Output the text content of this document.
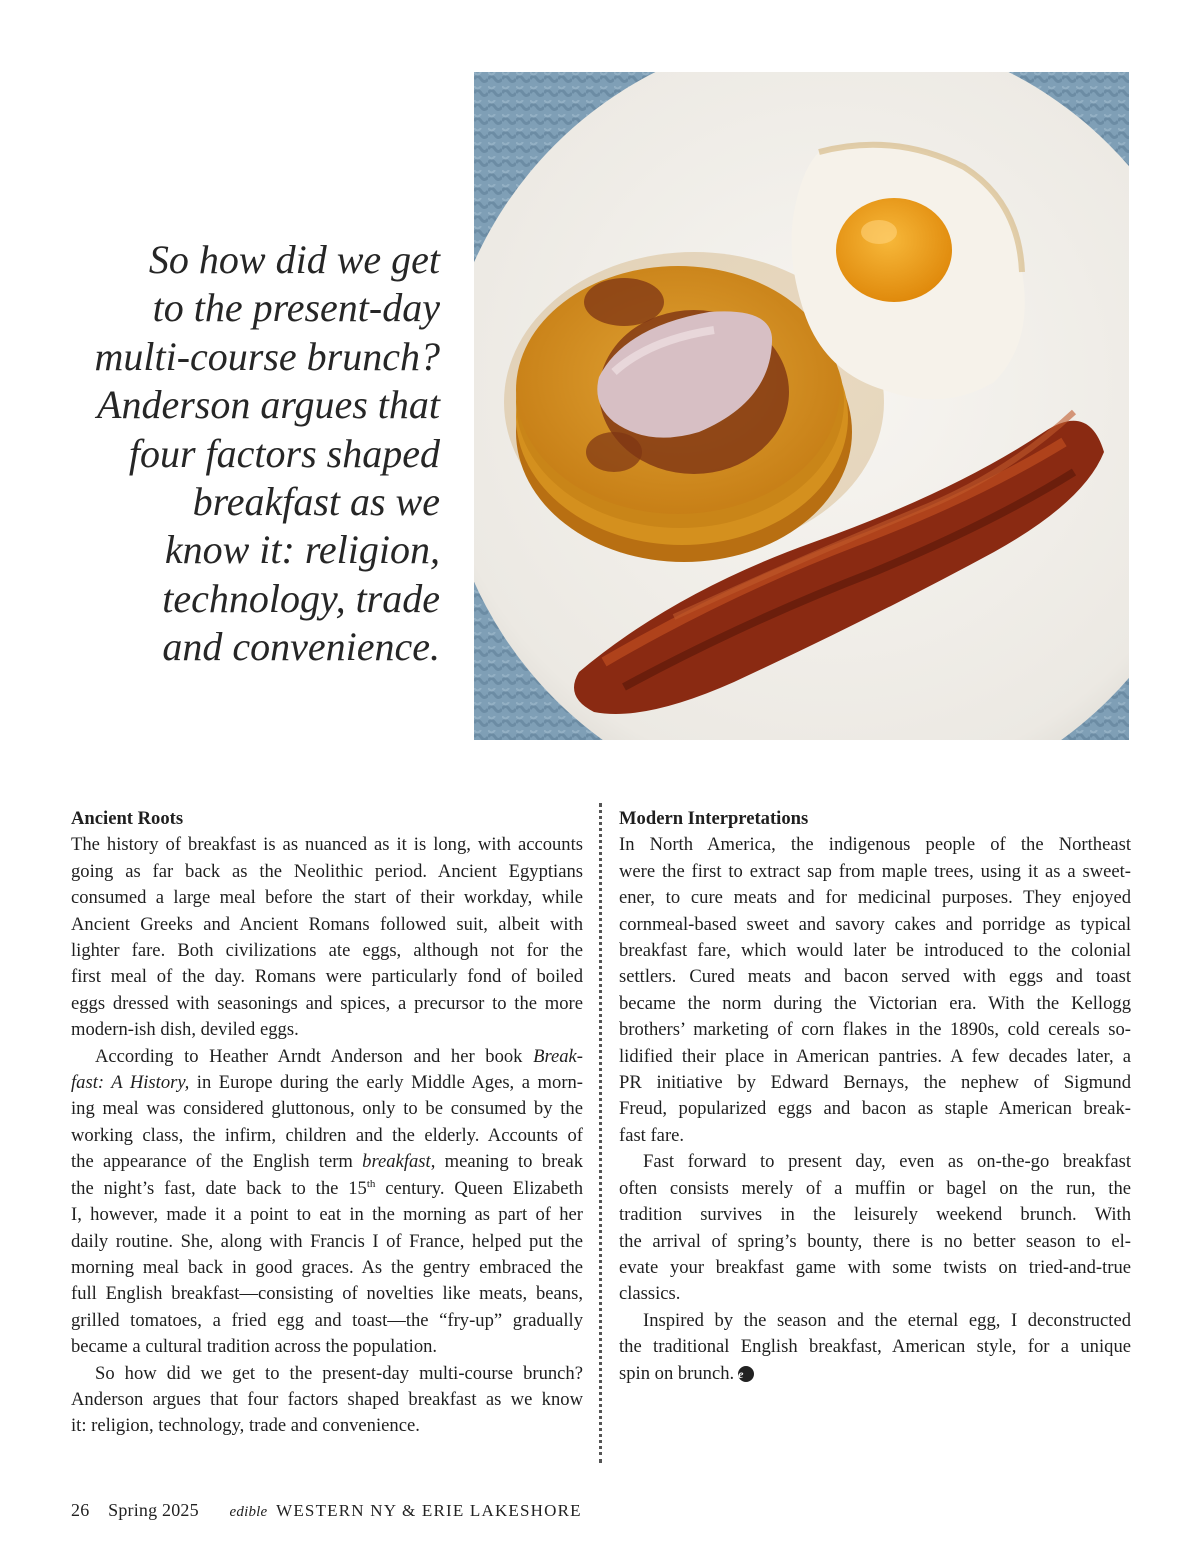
So how did we get
to the present-day
multi-course brunch?
Anderson argues that
four factors shaped
breakfast as we
know it: religion,
technology, trade
and convenience.
Ancient Roots
The history of breakfast is as nuanced as it is long, with accounts
going as far back as the Neolithic period. Ancient Egyptians
consumed a large meal before the start of their workday, while
Ancient Greeks and Ancient Romans followed suit, albeit with
lighter fare. Both civilizations ate eggs, although not for the
first meal of the day. Romans were particularly fond of boiled
eggs dressed with seasonings and spices, a precursor to the more
modern-ish dish, deviled eggs.
According to Heather Arndt Anderson and her book Break-
fast: A History, in Europe during the early Middle Ages, a morn-
ing meal was considered gluttonous, only to be consumed by the
working class, the infirm, children and the elderly. Accounts of
the appearance of the English term breakfast, meaning to break
the night’s fast, date back to the 15th century. Queen Elizabeth
I, however, made it a point to eat in the morning as part of her
daily routine. She, along with Francis I of France, helped put the
morning meal back in good graces. As the gentry embraced the
full English breakfast—consisting of novelties like meats, beans,
grilled tomatoes, a fried egg and toast—the “fry-up” gradually
became a cultural tradition across the population.
So how did we get to the present-day multi-course brunch?
Anderson argues that four factors shaped breakfast as we know
it: religion, technology, trade and convenience.
Modern Interpretations
In North America, the indigenous people of the Northeast
were the first to extract sap from maple trees, using it as a sweet-
ener, to cure meats and for medicinal purposes. They enjoyed
cornmeal-based sweet and savory cakes and porridge as typical
breakfast fare, which would later be introduced to the colonial
settlers. Cured meats and bacon served with eggs and toast
became the norm during the Victorian era. With the Kellogg
brothers’ marketing of corn flakes in the 1890s, cold cereals so-
lidified their place in American pantries. A few decades later, a
PR initiative by Edward Bernays, the nephew of Sigmund
Freud, popularized eggs and bacon as staple American break-
fast fare.
Fast forward to present day, even as on-the-go breakfast
often consists merely of a muffin or bagel on the run, the
tradition survives in the leisurely weekend brunch. With
the arrival of spring’s bounty, there is no better season to el-
evate your breakfast game with some twists on tried-and-true
classics.
Inspired by the season and the eternal egg, I deconstructed
the traditional English breakfast, American style, for a unique
spin on brunch. e
26 Spring 2025 edible WESTERN NY & ERIE LAKESHORE
